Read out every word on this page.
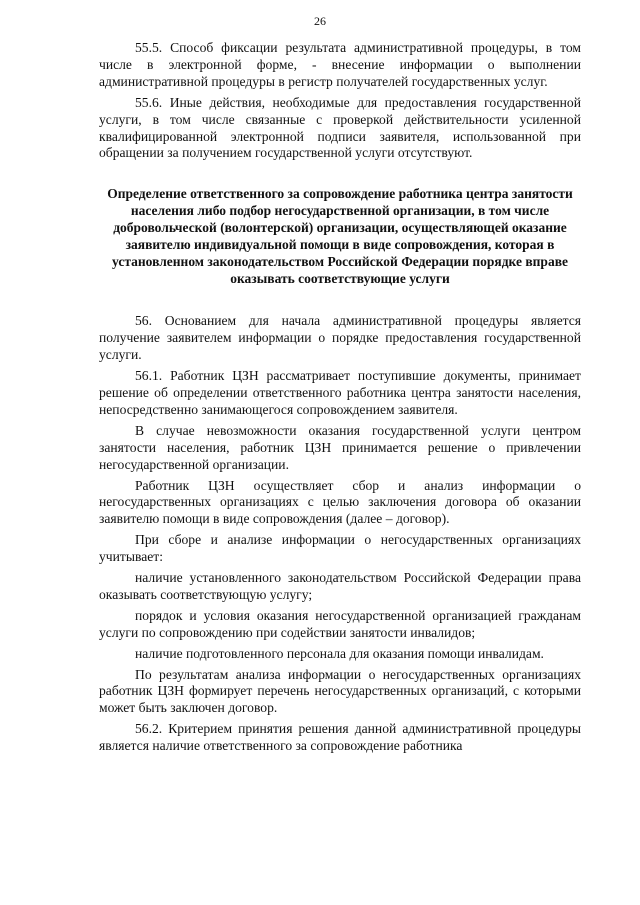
26

55.5. Способ фиксации результата административной процедуры, в том числе в электронной форме, - внесение информации о выполнении административной процедуры в регистр получателей государственных услуг.

55.6. Иные действия, необходимые для предоставления государственной услуги, в том числе связанные с проверкой действительности усиленной квалифицированной электронной подписи заявителя, использованной при обращении за получением государственной услуги отсутствуют.

Определение ответственного за сопровождение работника центра занятости населения либо подбор негосударственной организации, в том числе добровольческой (волонтерской) организации, осуществляющей оказание заявителю индивидуальной помощи в виде сопровождения, которая в установленном законодательством Российской Федерации порядке вправе оказывать соответствующие услуги

56. Основанием для начала административной процедуры является получение заявителем информации о порядке предоставления государственной услуги.

56.1. Работник ЦЗН рассматривает поступившие документы, принимает решение об определении ответственного работника центра занятости населения, непосредственно занимающегося сопровождением заявителя.

В случае невозможности оказания государственной услуги центром занятости населения, работник ЦЗН принимается решение о привлечении негосударственной организации.

Работник ЦЗН осуществляет сбор и анализ информации о негосударственных организациях с целью заключения договора об оказании заявителю помощи в виде сопровождения (далее – договор).

При сборе и анализе информации о негосударственных организациях учитывает:

наличие установленного законодательством Российской Федерации права оказывать соответствующую услугу;

порядок и условия оказания негосударственной организацией гражданам услуги по сопровождению при содействии занятости инвалидов;

наличие подготовленного персонала для оказания помощи инвалидам.

По результатам анализа информации о негосударственных организациях работник ЦЗН формирует перечень негосударственных организаций, с которыми может быть заключен договор.

56.2. Критерием принятия решения данной административной процедуры является наличие ответственного за сопровождение работника
